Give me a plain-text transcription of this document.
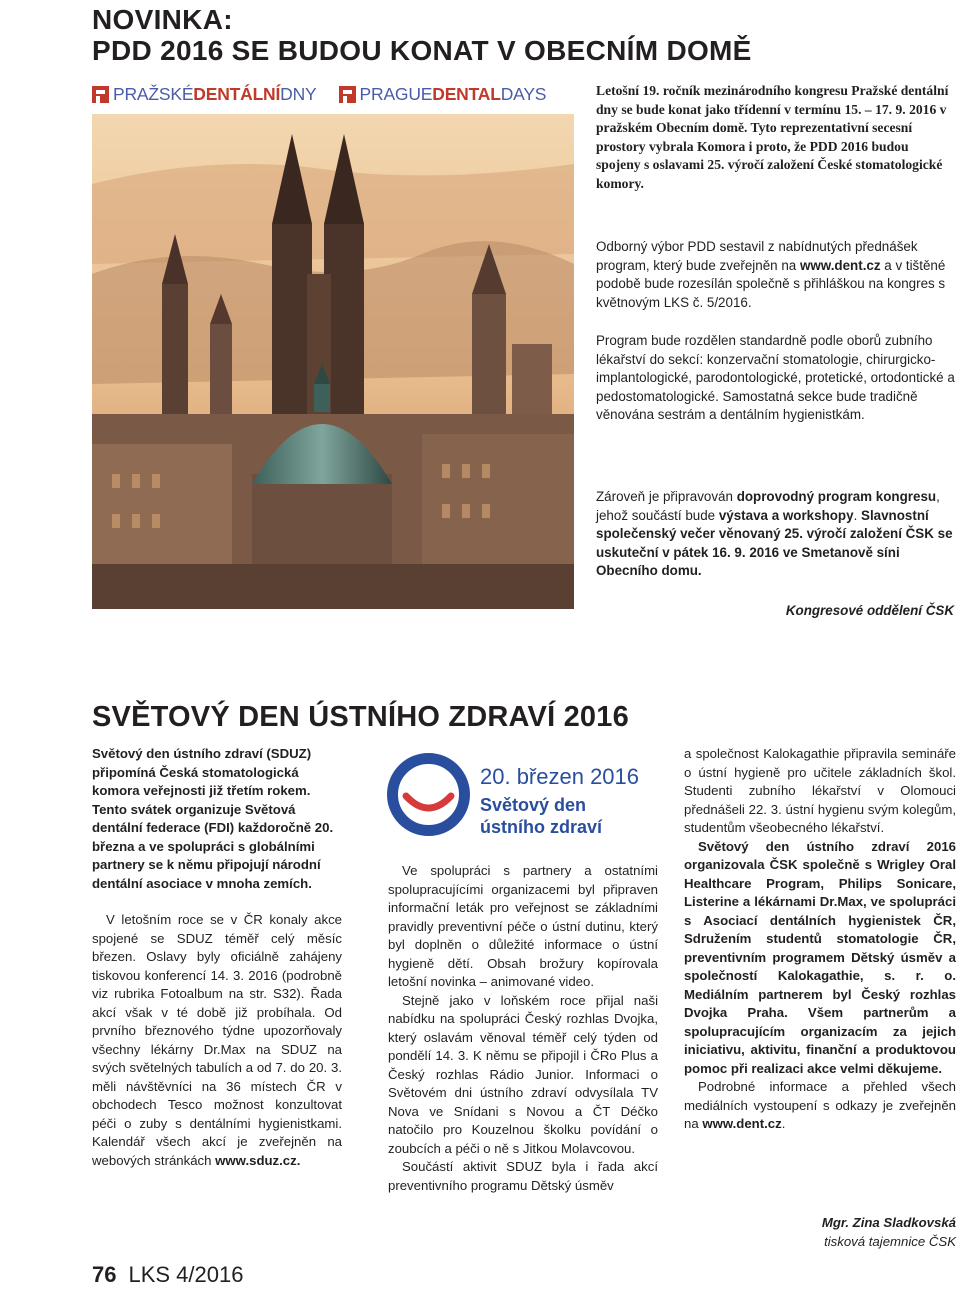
NOVINKA:
PDD 2016 SE BUDOU KONAT V OBECNÍM DOMĚ
PRAŽSKÉ DENTÁLNÍ DNY PRAGUE DENTAL DAYS	Letošní 19. ročník mezinárodního kongresu Pražské dentální dny se bude konat jako třídenní v termínu 15. – 17. 9. 2016 v pražském Obecním domě. Tyto reprezentativní secesní prostory vybrala Komora i proto, že PDD 2016 budou spojeny s oslavami 25. výročí založení České stomatologické komory.
Odborný výbor PDD sestavil z nabídnutých přednášek program, který bude zveřejněn na www.dent.cz a v tištěné podobě bude rozesílán společně s přihláškou na kongres s květnovým LKS č. 5/2016.
Program bude rozdělen standardně podle oborů zubního lékařství do sekcí: konzervační stomatologie, chirurgicko-implantologické, parodontologické, protetické, ortodontické a pedostomatologické. Samostatná sekce bude tradičně věnována sestrám a dentálním hygienistkám.
Zároveň je připravován doprovodný program kongresu, jehož součástí bude výstava a workshopy. Slavnostní společenský večer věnovaný 25. výročí založení ČSK se uskuteční v pátek 16. 9. 2016 ve Smetanově síni Obecního domu.
Kongresové oddělení ČSK
SVĚTOVÝ DEN ÚSTNÍHO ZDRAVÍ 2016

Světový den ústního zdraví (SDUZ) připomíná Česká stomatologická komora veřejnosti již třetím rokem. Tento svátek organizuje Světová dentální federace (FDI) každoročně 20. března a ve spolupráci s globálními partnery se k němu připojují národní dentální asociace v mnoha zemích.

V letošním roce se v ČR konaly akce spojené se SDUZ téměř celý měsíc březen. Oslavy byly oficiálně zahájeny tiskovou konferencí 14. 3. 2016 (podrobně viz rubrika Fotoalbum na str. S32). Řada akcí však v té době již probíhala. Od prvního březnového týdne upozorňovaly všechny lékárny Dr.Max na SDUZ na svých světelných tabulích a od 7. do 20. 3. měli návštěvníci na 36 místech ČR v obchodech Tesco možnost konzultovat péči o zuby s dentálními hygienistkami. Kalendář všech akcí je zveřejněn na webových stránkách www.sduz.cz.

20. březen 2016
Světový den
ústního zdraví

Ve spolupráci s partnery a ostatními spolupracujícími organizacemi byl připraven informační leták pro veřejnost se základními pravidly preventivní péče o ústní dutinu, který byl doplněn o důležité informace o ústní hygieně dětí. Obsah brožury kopírovala letošní novinka – animované video.

Stejně jako v loňském roce přijal naši nabídku na spolupráci Český rozhlas Dvojka, který oslavám věnoval téměř celý týden od pondělí 14. 3. K němu se připojil i ČRo Plus a Český rozhlas Rádio Junior. Informaci o Světovém dni ústního zdraví odvysílala TV Nova ve Snídani s Novou a ČT Déčko natočilo pro Kouzelnou školku povídání o zoubcích a péči o ně s Jitkou Molavcovou.

Součástí aktivit SDUZ byla i řada akcí preventivního programu Dětský úsměv

a společnost Kalokagathie připravila semináře o ústní hygieně pro učitele základních škol. Studenti zubního lékařství v Olomouci přednášeli 22. 3. ústní hygienu svým kolegům, studentům všeobecného lékařství.

Světový den ústního zdraví 2016 organizovala ČSK společně s Wrigley Oral Healthcare Program, Philips Sonicare, Listerine a lékárnami Dr.Max, ve spolupráci s Asociací dentálních hygienistek ČR, Sdružením studentů stomatologie ČR, preventivním programem Dětský úsměv a společností Kalokagathie, s. r. o. Mediálním partnerem byl Český rozhlas Dvojka Praha. Všem partnerům a spolupracujícím organizacím za jejich iniciativu, aktivitu, finanční a produktovou pomoc při realizaci akce velmi děkujeme.

Podrobné informace a přehled všech mediálních vystoupení s odkazy je zveřejněn na www.dent.cz.

Mgr. Zina Sladkovská
tisková tajemnice ČSK
76 LKS 4/2016
